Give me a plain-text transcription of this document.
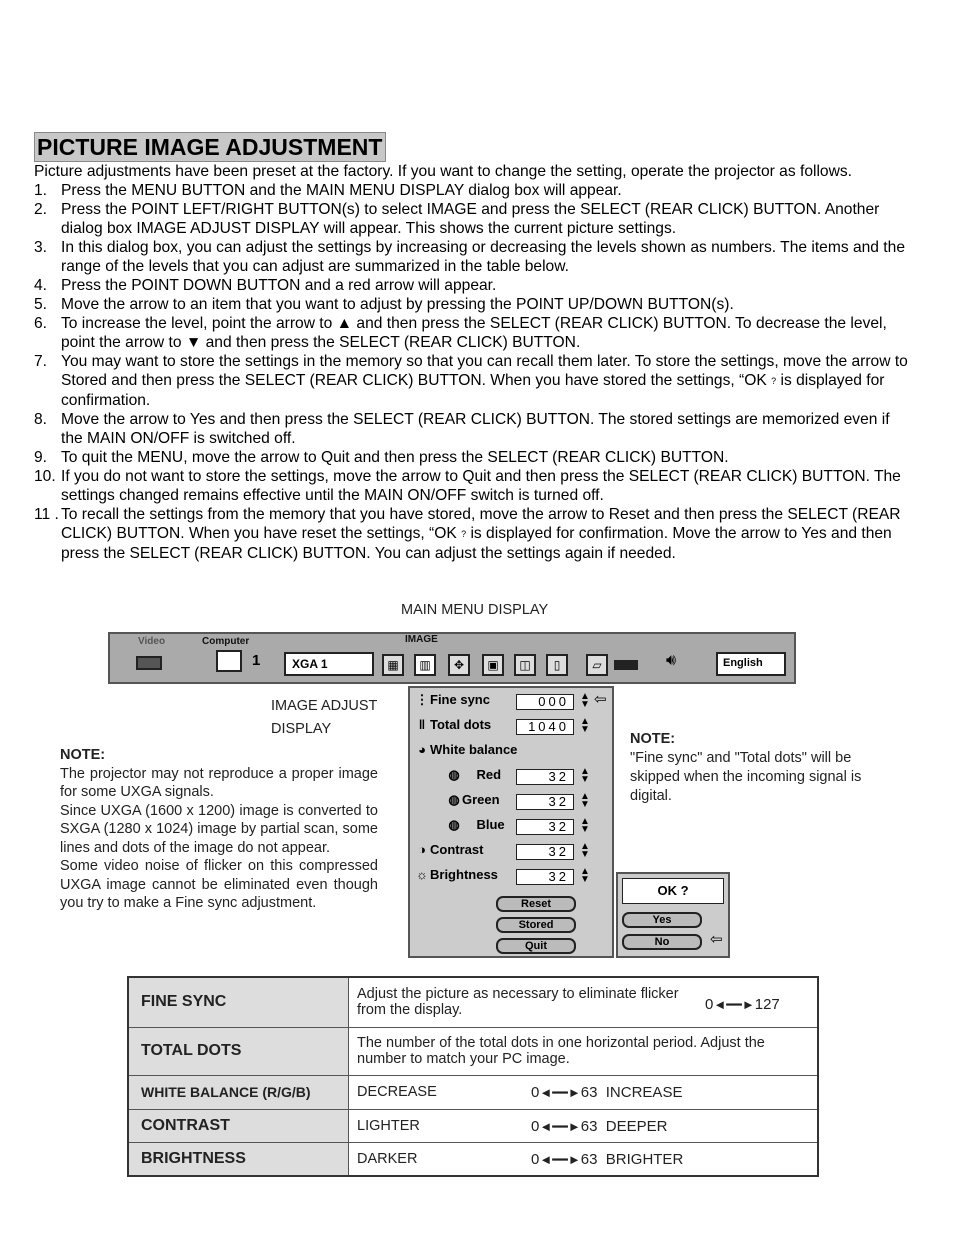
PICTURE IMAGE ADJUSTMENT

Picture adjustments have been preset at the factory. If you want to change the setting, operate the projector as follows.

1. Press the MENU BUTTON and the MAIN MENU DISPLAY dialog box will appear.
2. Press the POINT LEFT/RIGHT BUTTON(s) to select IMAGE and press the SELECT (REAR CLICK) BUTTON. Another dialog box IMAGE ADJUST DISPLAY will appear. This shows the current picture settings.
3. In this dialog box, you can adjust the settings by increasing or decreasing the levels shown as numbers. The items and the range of the levels that you can adjust are summarized in the table below.
4. Press the POINT DOWN BUTTON and a red arrow will appear.
5. Move the arrow to an item that you want to adjust by pressing the POINT UP/DOWN BUTTON(s).
6. To increase the level, point the arrow to ▲ and then press the SELECT (REAR CLICK) BUTTON. To decrease the level, point the arrow to ▼ and then press the SELECT (REAR CLICK) BUTTON.
7. You may want to store the settings in the memory so that you can recall them later. To store the settings, move the arrow to Stored and then press the SELECT (REAR CLICK) BUTTON. When you have stored the settings, “OK ? is displayed for confirmation.
8. Move the arrow to Yes and then press the SELECT (REAR CLICK) BUTTON. The stored settings are memorized even if the MAIN ON/OFF is switched off.
9. To quit the MENU, move the arrow to Quit and then press the SELECT (REAR CLICK) BUTTON.
10. If you do not want to store the settings, move the arrow to Quit and then press the SELECT (REAR CLICK) BUTTON. The settings changed remains effective until the MAIN ON/OFF switch is turned off.
11 . To recall the settings from the memory that you have stored, move the arrow to Reset and then press the SELECT (REAR CLICK) BUTTON. When you have reset the settings, “OK ? is displayed for confirmation. Move the arrow to Yes and then press the SELECT (REAR CLICK) BUTTON. You can adjust the settings again if needed.
MAIN MENU DISPLAY
Video	Computer
1	XGA 1
IMAGE
▦	▥	✥	▣	◫	▯	▱	🔊︎	English
IMAGE ADJUST
DISPLAY
⋮ Fine sync	000	▲
▼ ⇦
‖ Total dots	1040	▲
▼
◕ White balance
◍ Red	32	▲
▼
◍ Green	32	▲
▼
◍ Blue	32	▲
▼
◑ Contrast	32	▲
▼
☼ Brightness	32	▲
▼
Reset
Stored
Quit
OK ?
Yes
No	⇦
NOTE:
The projector may not reproduce a proper image for some UXGA signals.
Since UXGA (1600 x 1200) image is converted to SXGA (1280 x 1024) image by partial scan, some lines and dots of the image do not appear.
Some video noise of flicker on this compressed UXGA image cannot be eliminated even though you try to make a Fine sync adjustment.
NOTE:
"Fine sync" and "Total dots" will be skipped when the incoming signal is digital.
FINE SYNC	Adjust the picture as necessary to eliminate flicker from the display. 0◄━━►127

TOTAL DOTS	The number of the total dots in one horizontal period. Adjust the number to match your PC image.

WHITE BALANCE (R/G/B)	DECREASE 0◄━━►63 INCREASE

CONTRAST	LIGHTER 0◄━━►63 DEEPER

BRIGHTNESS	DARKER 0◄━━►63 BRIGHTER
